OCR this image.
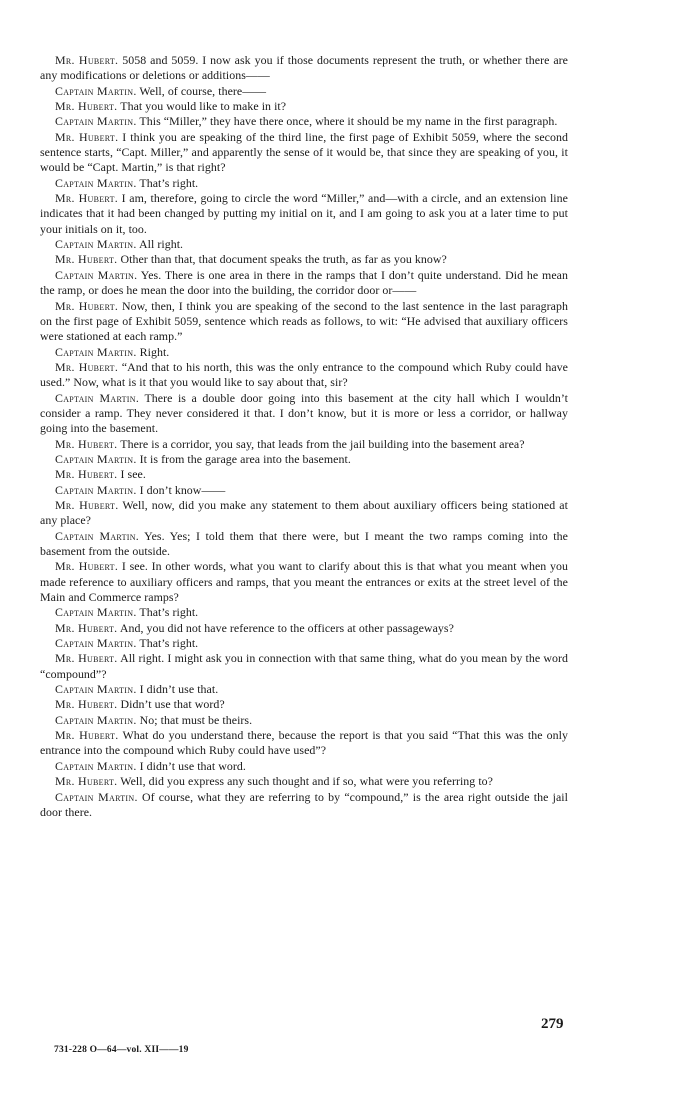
Mr. Hubert. 5058 and 5059. I now ask you if those documents represent the truth, or whether there are any modifications or deletions or additions——

Captain Martin. Well, of course, there——

Mr. Hubert. That you would like to make in it?

Captain Martin. This “Miller,” they have there once, where it should be my name in the first paragraph.

Mr. Hubert. I think you are speaking of the third line, the first page of Exhibit 5059, where the second sentence starts, “Capt. Miller,” and apparently the sense of it would be, that since they are speaking of you, it would be “Capt. Martin,” is that right?

Captain Martin. That’s right.

Mr. Hubert. I am, therefore, going to circle the word “Miller,” and—with a circle, and an extension line indicates that it had been changed by putting my initial on it, and I am going to ask you at a later time to put your initials on it, too.

Captain Martin. All right.

Mr. Hubert. Other than that, that document speaks the truth, as far as you know?

Captain Martin. Yes. There is one area in there in the ramps that I don’t quite understand. Did he mean the ramp, or does he mean the door into the building, the corridor door or——

Mr. Hubert. Now, then, I think you are speaking of the second to the last sentence in the last paragraph on the first page of Exhibit 5059, sentence which reads as follows, to wit: “He advised that auxiliary officers were stationed at each ramp.”

Captain Martin. Right.

Mr. Hubert. “And that to his north, this was the only entrance to the compound which Ruby could have used.” Now, what is it that you would like to say about that, sir?

Captain Martin. There is a double door going into this basement at the city hall which I wouldn’t consider a ramp. They never considered it that. I don’t know, but it is more or less a corridor, or hallway going into the basement.

Mr. Hubert. There is a corridor, you say, that leads from the jail building into the basement area?

Captain Martin. It is from the garage area into the basement.

Mr. Hubert. I see.

Captain Martin. I don’t know——

Mr. Hubert. Well, now, did you make any statement to them about auxiliary officers being stationed at any place?

Captain Martin. Yes. Yes; I told them that there were, but I meant the two ramps coming into the basement from the outside.

Mr. Hubert. I see. In other words, what you want to clarify about this is that what you meant when you made reference to auxiliary officers and ramps, that you meant the entrances or exits at the street level of the Main and Commerce ramps?

Captain Martin. That’s right.

Mr. Hubert. And, you did not have reference to the officers at other passageways?

Captain Martin. That’s right.

Mr. Hubert. All right. I might ask you in connection with that same thing, what do you mean by the word “compound”?

Captain Martin. I didn’t use that.

Mr. Hubert. Didn’t use that word?

Captain Martin. No; that must be theirs.

Mr. Hubert. What do you understand there, because the report is that you said “That this was the only entrance into the compound which Ruby could have used”?

Captain Martin. I didn’t use that word.

Mr. Hubert. Well, did you express any such thought and if so, what were you referring to?

Captain Martin. Of course, what they are referring to by “compound,” is the area right outside the jail door there.

279
731-228 O—64—vol. XII——19
